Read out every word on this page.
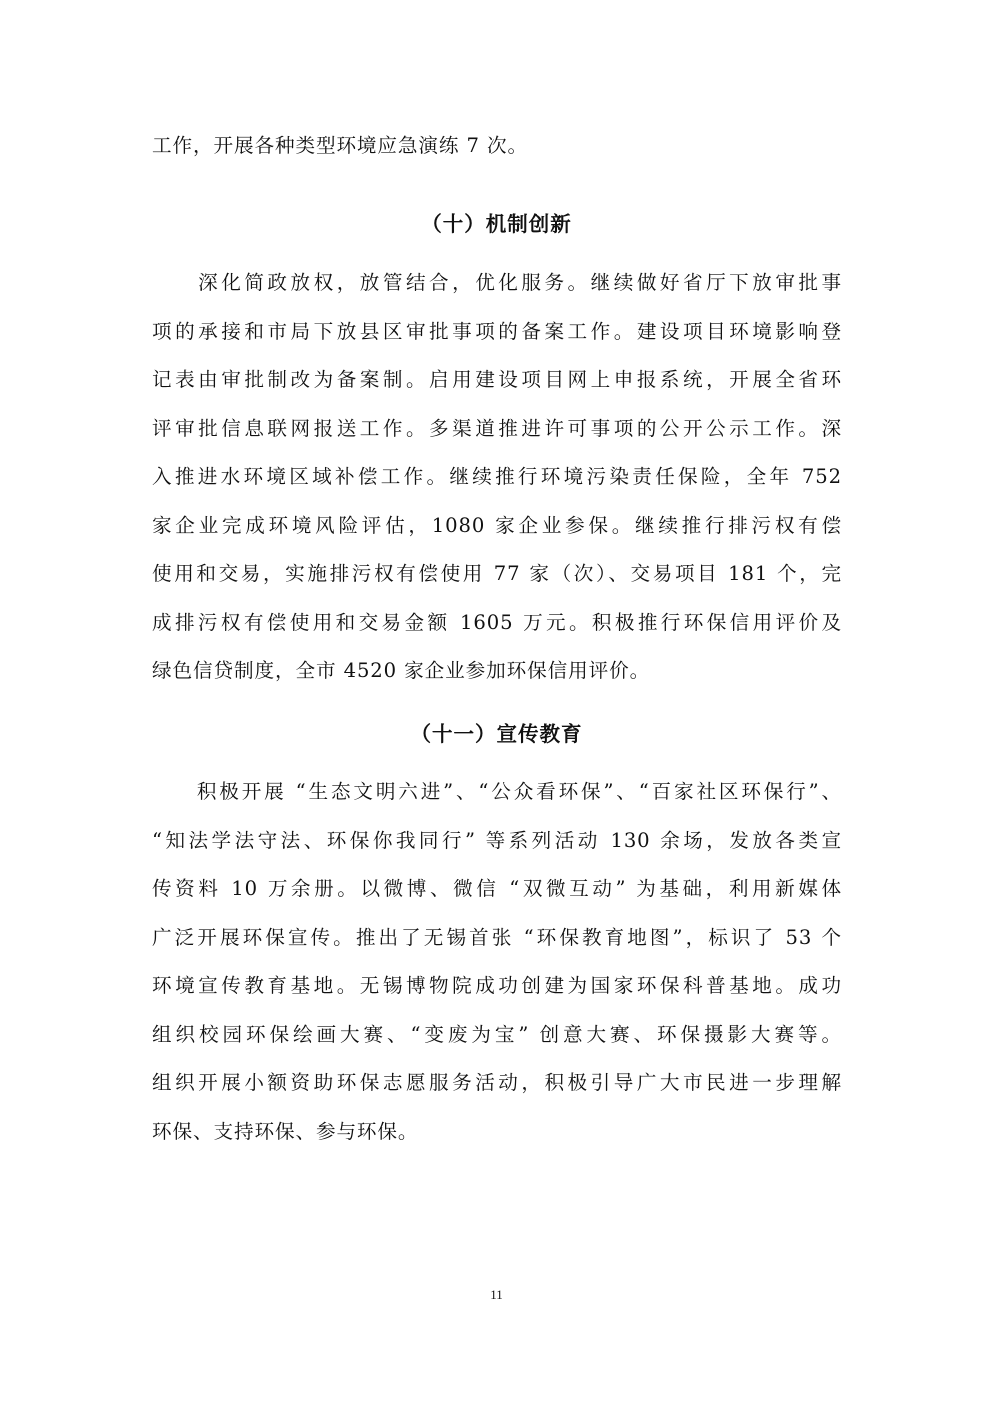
工作，开展各种类型环境应急演练 7 次。
（十）机制创新
　　深化简政放权，放管结合，优化服务。继续做好省厅下放审批事
项的承接和市局下放县区审批事项的备案工作。建设项目环境影响登
记表由审批制改为备案制。启用建设项目网上申报系统，开展全省环
评审批信息联网报送工作。多渠道推进许可事项的公开公示工作。深
入推进水环境区域补偿工作。继续推行环境污染责任保险，全年 752
家企业完成环境风险评估，1080 家企业参保。继续推行排污权有偿
使用和交易，实施排污权有偿使用 77 家（次）、交易项目 181 个，完
成排污权有偿使用和交易金额 1605 万元。积极推行环保信用评价及
绿色信贷制度，全市 4520 家企业参加环保信用评价。
（十一）宣传教育
　　积极开展 “生态文明六进”、“公众看环保”、“百家社区环保行”、
“知法学法守法、环保你我同行” 等系列活动 130 余场，发放各类宣
传资料 10 万余册。以微博、微信 “双微互动” 为基础，利用新媒体
广泛开展环保宣传。推出了无锡首张 “环保教育地图”，标识了 53 个
环境宣传教育基地。无锡博物院成功创建为国家环保科普基地。成功
组织校园环保绘画大赛、“变废为宝” 创意大赛、环保摄影大赛等。
组织开展小额资助环保志愿服务活动，积极引导广大市民进一步理解
环保、支持环保、参与环保。
11
